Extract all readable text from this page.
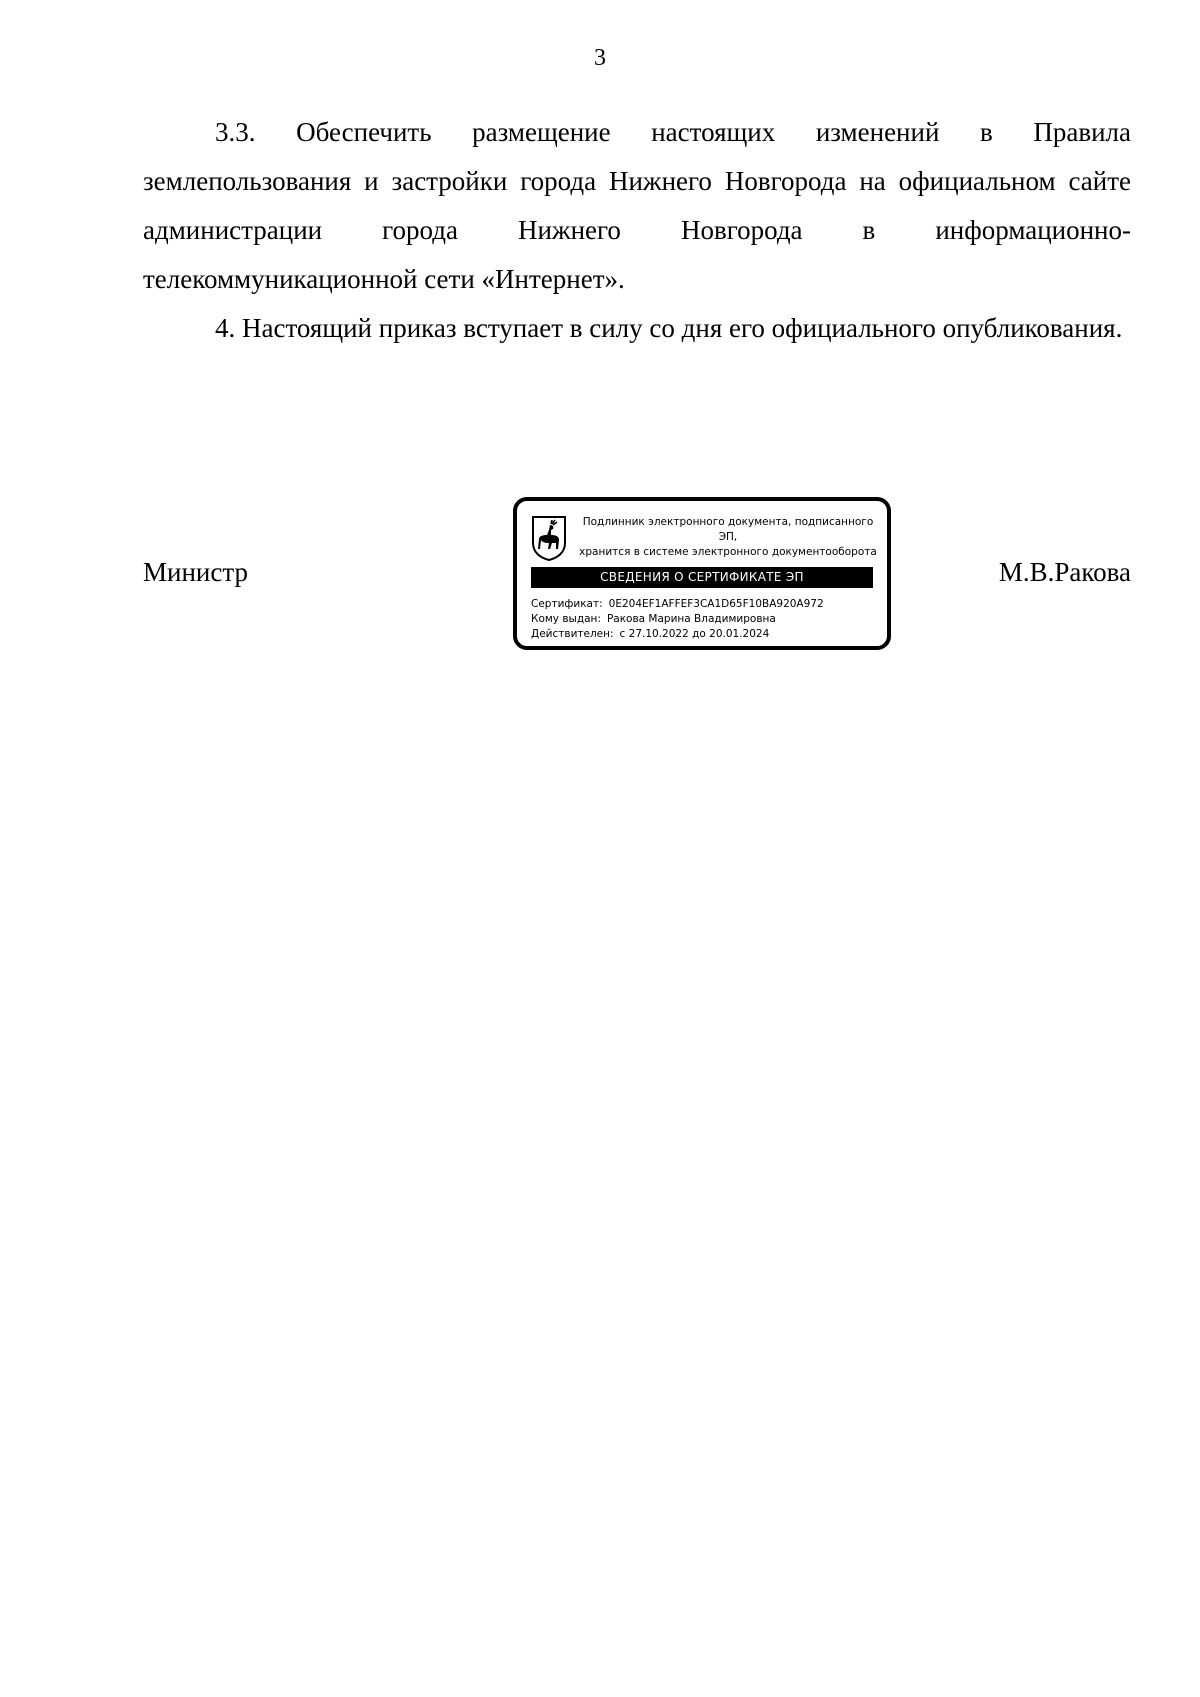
3

3.3. Обеспечить размещение настоящих изменений в Правила землепользования и застройки города Нижнего Новгорода на официальном сайте администрации города Нижнего Новгорода в информационно-телекоммуникационной сети «Интернет».

4. Настоящий приказ вступает в силу со дня его официального опубликования.

Министр	М.В.Ракова
Подлинник электронного документа, подписанного ЭП,
хранится в системе электронного документооборота
СВЕДЕНИЯ О СЕРТИФИКАТЕ ЭП
Сертификат: 0E204EF1AFFEF3CA1D65F10BA920A972
Кому выдан: Ракова Марина Владимировна
Действителен: с 27.10.2022 до 20.01.2024
